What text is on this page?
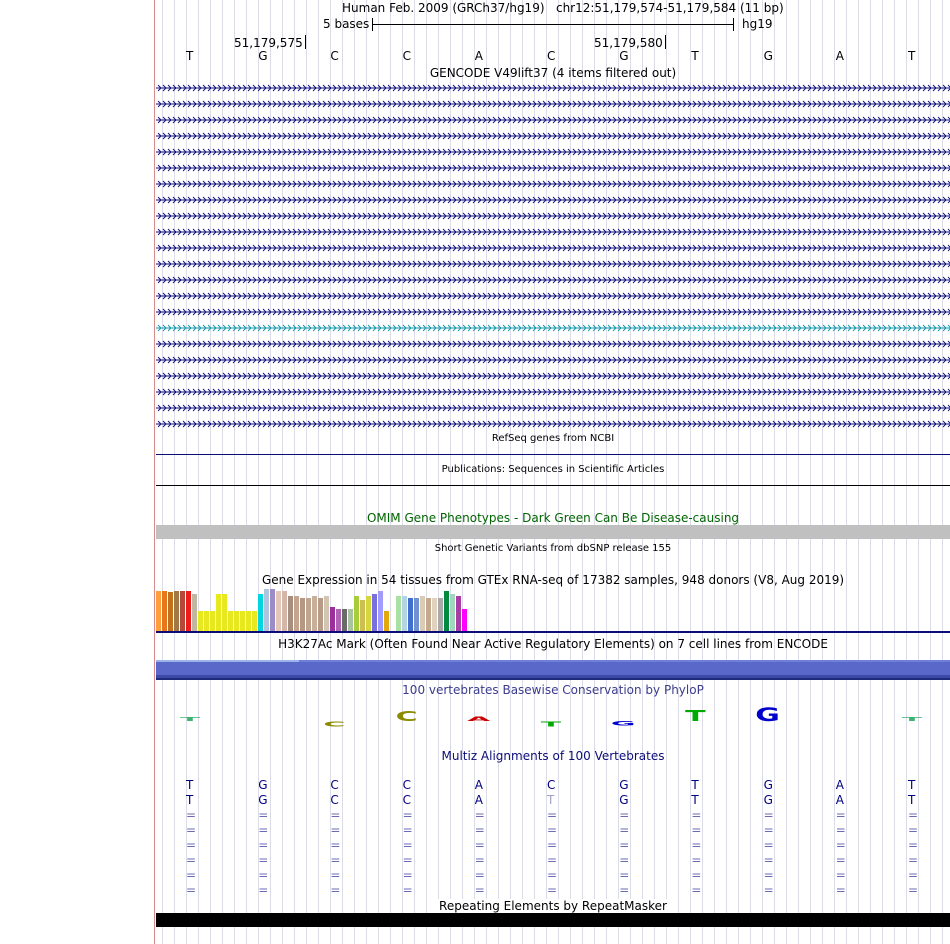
Human Feb. 2009 (GRCh37/hg19) chr12:51,179,574-51,179,584 (11 bp)
5 bases	hg19
51,179,575	51,179,580
T	G	C	C	A	C	G	T	G	A	T
GENCODE V49lift37 (4 items filtered out)
RefSeq genes from NCBI
Publications: Sequences in Scientific Articles
OMIM Gene Phenotypes - Dark Green Can Be Disease-causing
Short Genetic Variants from dbSNP release 155
Gene Expression in 54 tissues from GTEx RNA-seq of 17382 samples, 948 donors (V8, Aug 2019)
H3K27Ac Mark (Often Found Near Active Regulatory Elements) on 7 cell lines from ENCODE
100 vertebrates Basewise Conservation by PhyloP
T
C C A
T G T G	T
Multiz Alignments of 100 Vertebrates
T	G	C	C	A	C	G	T	G	A	T
T	G	C	C	A	T	G	T	G	A	T
=	=	=	=	=	=	=	=	=	=	=
=	=	=	=	=	=	=	=	=	=	=
=	=	=	=	=	=	=	=	=	=	=
=	=	=	=	=	=	=	=	=	=	=
=	=	=	=	=	=	=	=	=	=	=
=	=	=	=	=	=	=	=	=	=	=
Repeating Elements by RepeatMasker
